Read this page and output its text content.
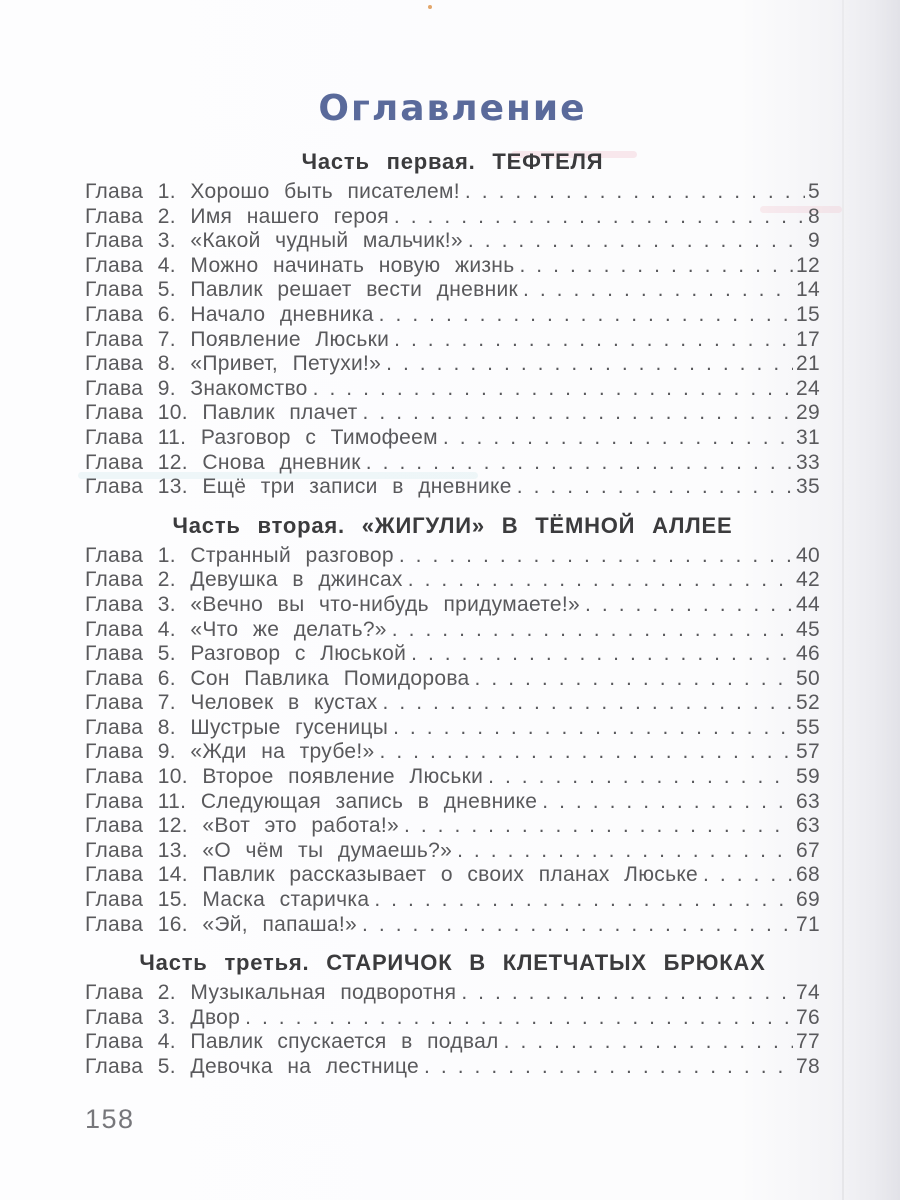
Оглавление
Часть первая. ТЕФТЕЛЯ
Глава 1. Хорошо быть писателем! .....	5
Глава 2. Имя нашего героя .....	8
Глава 3. «Какой чудный мальчик!» .....	9
Глава 4. Можно начинать новую жизнь .....	12
Глава 5. Павлик решает вести дневник .....	14
Глава 6. Начало дневника .....	15
Глава 7. Появление Люськи .....	17
Глава 8. «Привет, Петухи!» .....	21
Глава 9. Знакомство .....	24
Глава 10. Павлик плачет .....	29
Глава 11. Разговор с Тимофеем .....	31
Глава 12. Снова дневник .....	33
Глава 13. Ещё три записи в дневнике .....	35
Часть вторая. «ЖИГУЛИ» В ТЁМНОЙ АЛЛЕЕ
Глава 1. Странный разговор .....	40
Глава 2. Девушка в джинсах .....	42
Глава 3. «Вечно вы что-нибудь придумаете!» .....	44
Глава 4. «Что же делать?» .....	45
Глава 5. Разговор с Люськой .....	46
Глава 6. Сон Павлика Помидорова .....	50
Глава 7. Человек в кустах .....	52
Глава 8. Шустрые гусеницы .....	55
Глава 9. «Жди на трубе!» .....	57
Глава 10. Второе появление Люськи .....	59
Глава 11. Следующая запись в дневнике .....	63
Глава 12. «Вот это работа!» .....	63
Глава 13. «О чём ты думаешь?» .....	67
Глава 14. Павлик рассказывает о своих планах Люське .....	68
Глава 15. Маска старичка .....	69
Глава 16. «Эй, папаша!» .....	71
Часть третья. СТАРИЧОК В КЛЕТЧАТЫХ БРЮКАХ
Глава 2. Музыкальная подворотня .....	74
Глава 3. Двор .....	76
Глава 4. Павлик спускается в подвал .....	77
Глава 5. Девочка на лестнице .....	78
158
